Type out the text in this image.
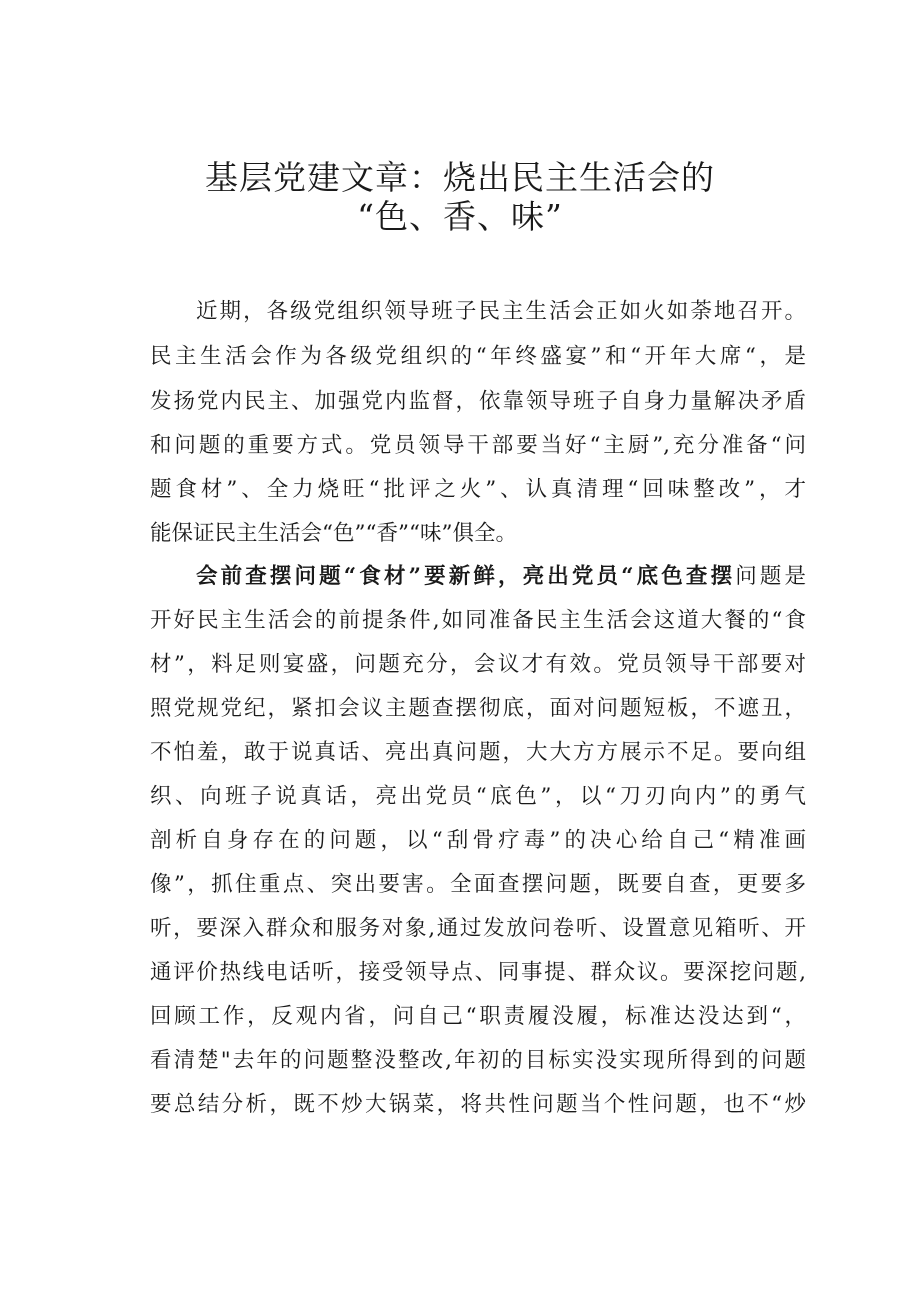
基层党建文章：烧出民主生活会的
“色、香、味”
近期，各级党组织领导班子民主生活会正如火如荼地召开。
民主生活会作为各级党组织的“年终盛宴”和“开年大席“，是
发扬党内民主、加强党内监督，依靠领导班子自身力量解决矛盾
和问题的重要方式。党员领导干部要当好“主厨”,充分准备“问
题食材”、全力烧旺“批评之火”、认真清理“回味整改”，才
能保证民主生活会“色”“香”“味”俱全。
会前查摆问题“食材”要新鲜，亮出党员“底色查摆问题是
开好民主生活会的前提条件,如同准备民主生活会这道大餐的“食
材”，料足则宴盛，问题充分，会议才有效。党员领导干部要对
照党规党纪，紧扣会议主题查摆彻底，面对问题短板，不遮丑，
不怕羞，敢于说真话、亮出真问题，大大方方展示不足。要向组
织、向班子说真话，亮出党员“底色”，以“刀刃向内”的勇气
剖析自身存在的问题，以“刮骨疗毒”的决心给自己“精准画
像”，抓住重点、突出要害。全面查摆问题，既要自查，更要多
听，要深入群众和服务对象,通过发放问卷听、设置意见箱听、开
通评价热线电话听，接受领导点、同事提、群众议。要深挖问题,
回顾工作，反观内省，问自己“职责履没履，标准达没达到“，
看清楚"去年的问题整没整改,年初的目标实没实现所得到的问题
要总结分析，既不炒大锅菜，将共性问题当个性问题，也不“炒
